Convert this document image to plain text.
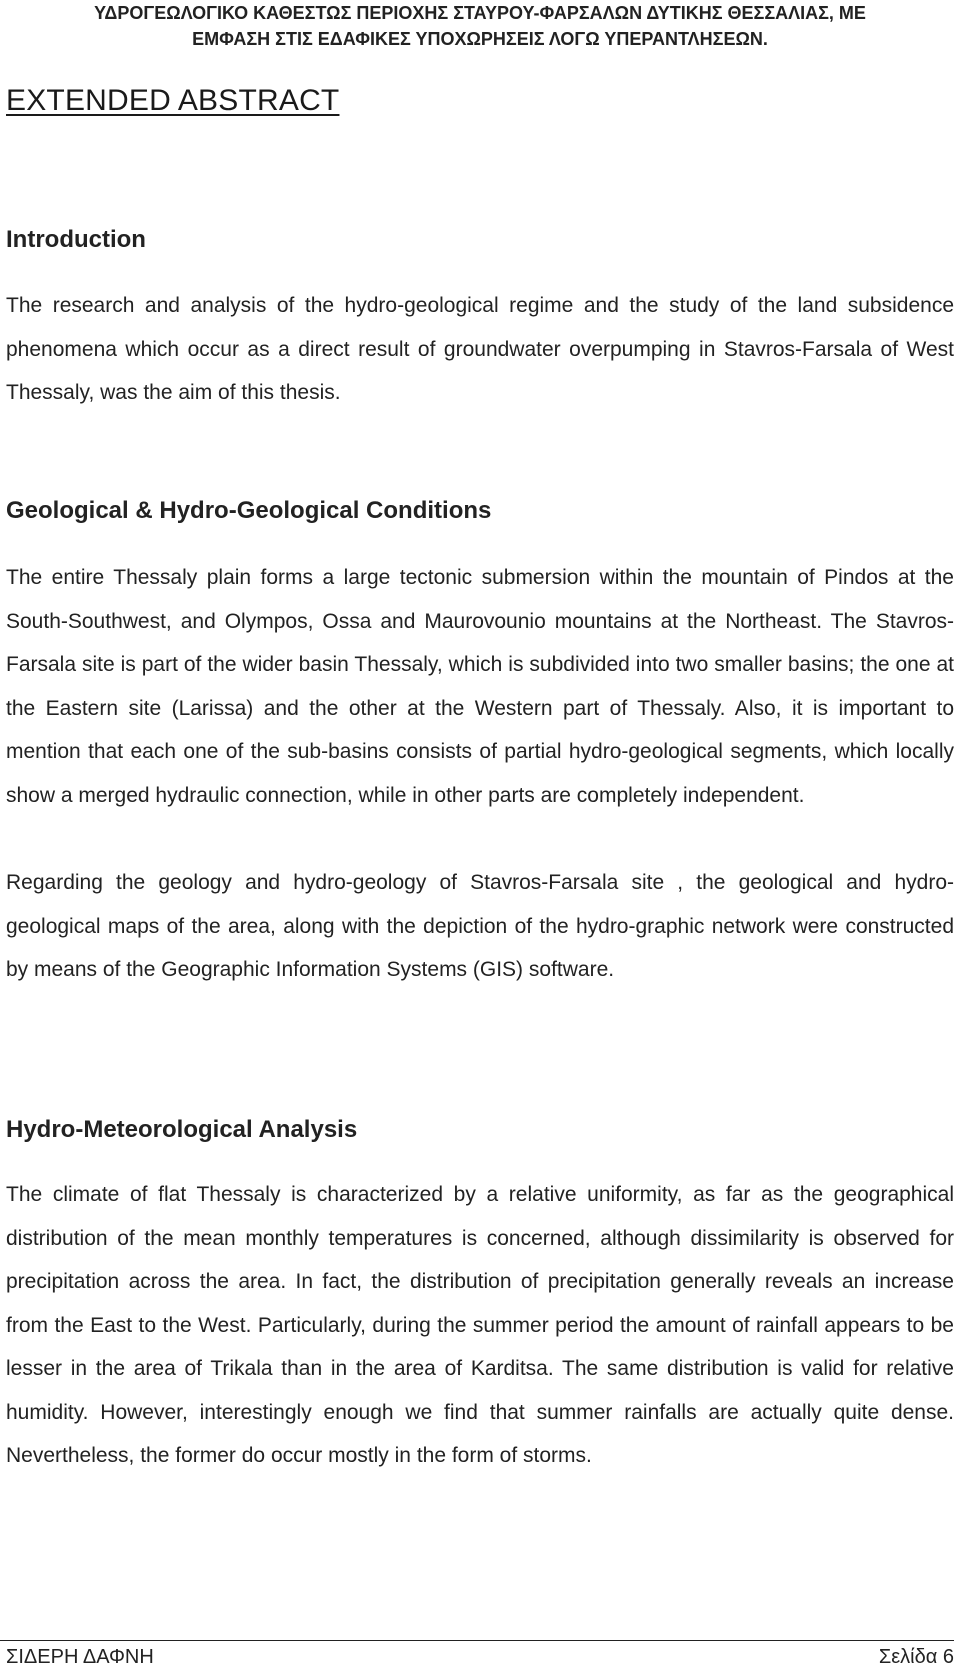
ΥΔΡΟΓΕΩΛΟΓΙΚΟ ΚΑΘΕΣΤΩΣ ΠΕΡΙΟΧΗΣ ΣΤΑΥΡΟΥ-ΦΑΡΣΑΛΩΝ ΔΥΤΙΚΗΣ ΘΕΣΣΑΛΙΑΣ, ΜΕ
ΕΜΦΑΣΗ ΣΤΙΣ ΕΔΑΦΙΚΕΣ ΥΠΟΧΩΡΗΣΕΙΣ ΛΟΓΩ ΥΠΕΡΑΝΤΛΗΣΕΩΝ.
EXTENDED ABSTRACT
Introduction

The research and analysis of the hydro-geological regime and the study of the land subsidence phenomena which occur as a direct result of groundwater overpumping in Stavros-Farsala of West Thessaly, was the aim of this thesis.

Geological & Hydro-Geological Conditions

The entire Thessaly plain forms a large tectonic submersion within the mountain of Pindos at the South-Southwest, and Olympos, Ossa and Maurovounio mountains at the Northeast. The Stavros-Farsala site is part of the wider basin Thessaly, which is subdivided into two smaller basins; the one at the Eastern site (Larissa) and the other at the Western part of Thessaly. Also, it is important to mention that each one of the sub-basins consists of partial hydro-geological segments, which locally show a merged hydraulic connection, while in other parts are completely independent.

Regarding the geology and hydro-geology of Stavros-Farsala site , the geological and hydro-geological maps of the area, along with the depiction of the hydro-graphic network were constructed by means of the Geographic Information Systems (GIS) software.

Hydro-Meteorological Analysis

The climate of flat Thessaly is characterized by a relative uniformity, as far as the geographical distribution of the mean monthly temperatures is concerned, although dissimilarity is observed for precipitation across the area. In fact, the distribution of precipitation generally reveals an increase from the East to the West. Particularly, during the summer period the amount of rainfall appears to be lesser in the area of Trikala than in the area of Karditsa. The same distribution is valid for relative humidity. However, interestingly enough we find that summer rainfalls are actually quite dense. Nevertheless, the former do occur mostly in the form of storms.

ΣΙΔΕΡΗ ΔΑΦΝΗ	Σελίδα 6
